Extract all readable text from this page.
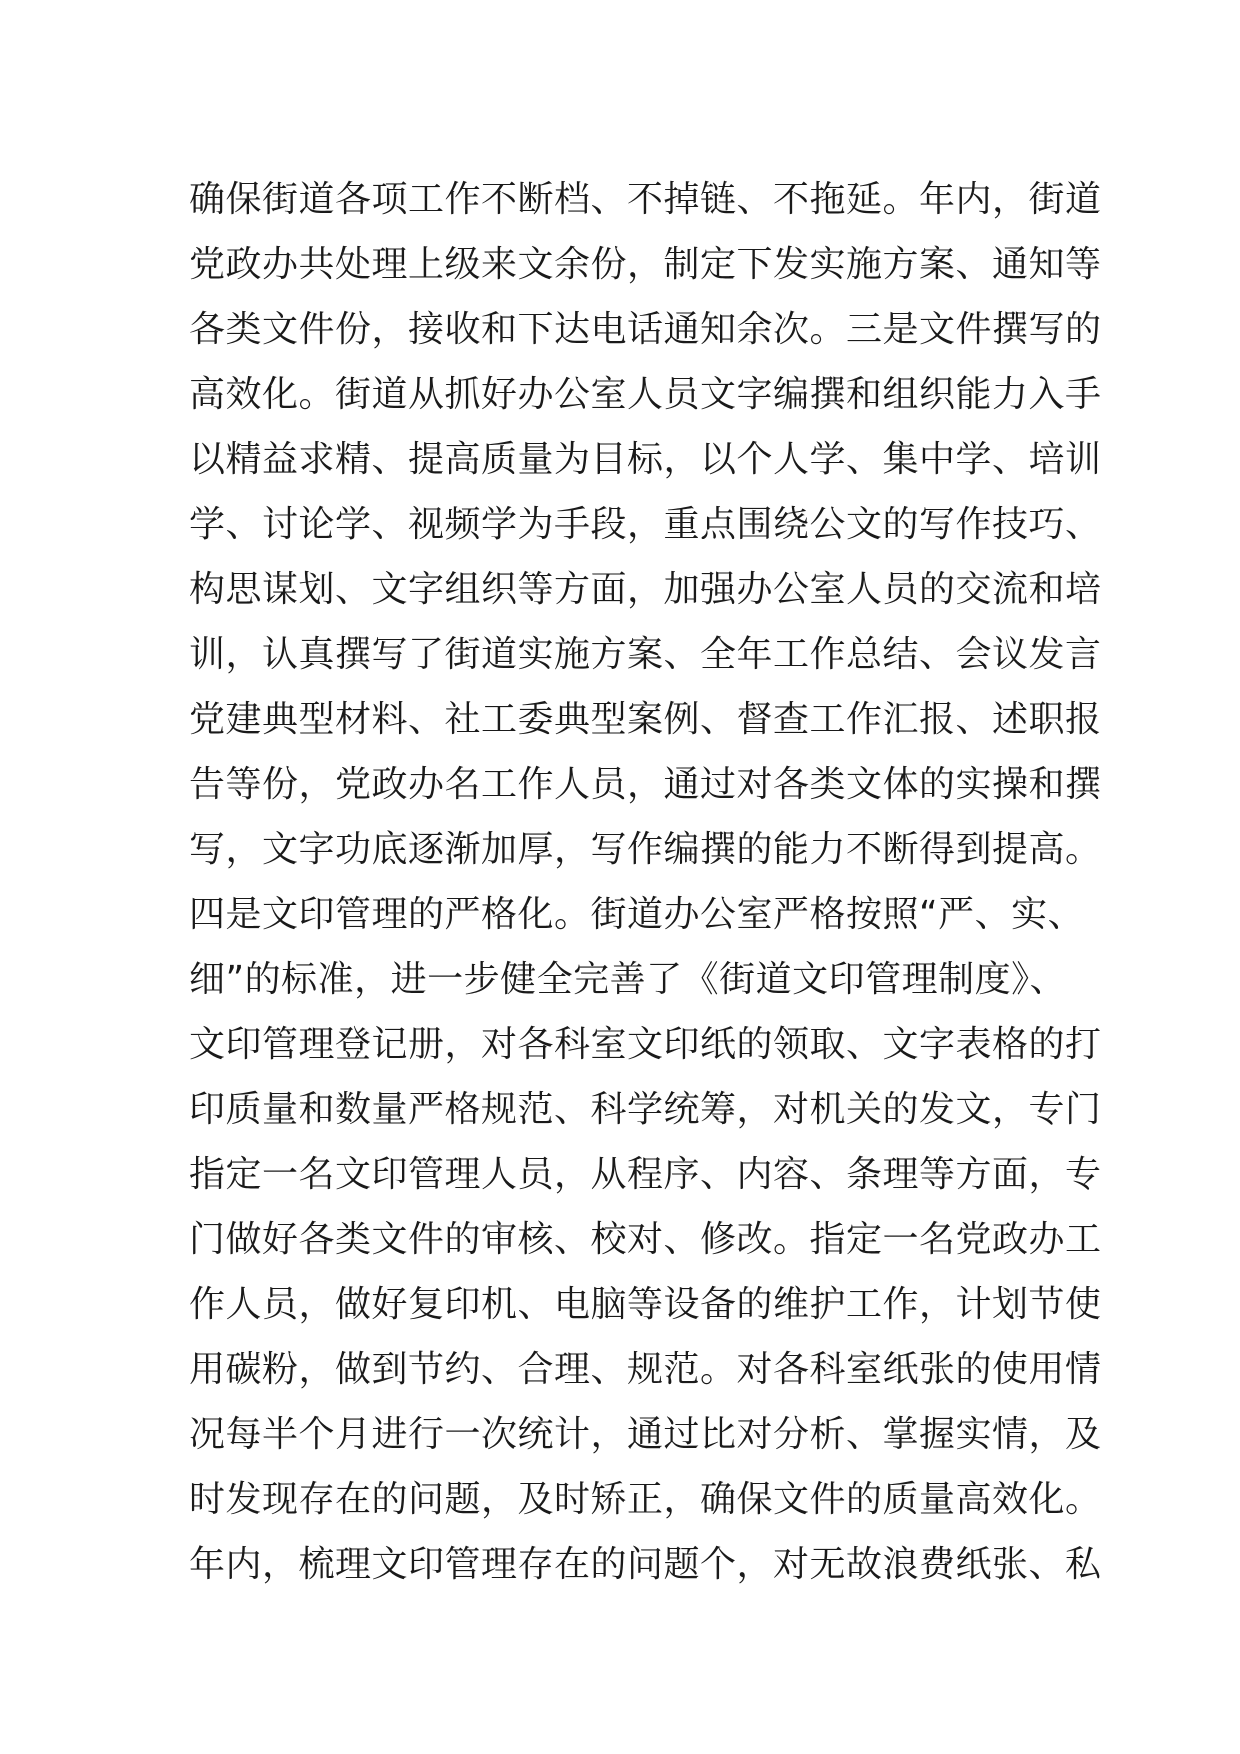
确保街道各项工作不断档、不掉链、不拖延。年内，街道
党政办共处理上级来文余份，制定下发实施方案、通知等
各类文件份，接收和下达电话通知余次。三是文件撰写的
高效化。街道从抓好办公室人员文字编撰和组织能力入手
以精益求精、提高质量为目标，以个人学、集中学、培训
学、讨论学、视频学为手段，重点围绕公文的写作技巧、
构思谋划、文字组织等方面，加强办公室人员的交流和培
训，认真撰写了街道实施方案、全年工作总结、会议发言
党建典型材料、社工委典型案例、督查工作汇报、述职报
告等份，党政办名工作人员，通过对各类文体的实操和撰
写，文字功底逐渐加厚，写作编撰的能力不断得到提高。
四是文印管理的严格化。街道办公室严格按照“严、实、
细”的标准，进一步健全完善了《街道文印管理制度》、
文印管理登记册，对各科室文印纸的领取、文字表格的打
印质量和数量严格规范、科学统筹，对机关的发文，专门
指定一名文印管理人员，从程序、内容、条理等方面，专
门做好各类文件的审核、校对、修改。指定一名党政办工
作人员，做好复印机、电脑等设备的维护工作，计划节使
用碳粉，做到节约、合理、规范。对各科室纸张的使用情
况每半个月进行一次统计，通过比对分析、掌握实情，及
时发现存在的问题，及时矫正，确保文件的质量高效化。
年内，梳理文印管理存在的问题个，对无故浪费纸张、私
